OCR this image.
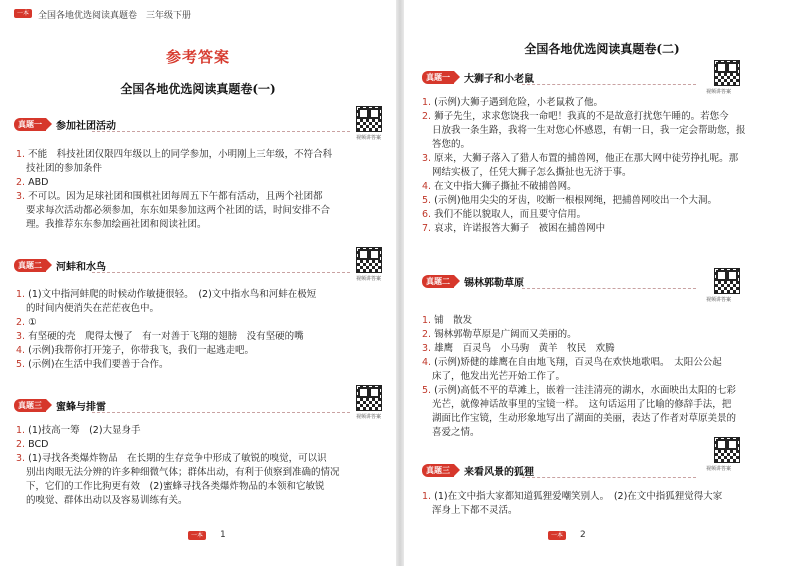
一本 全国各地优选阅读真题卷　三年级下册
参考答案
全国各地优选阅读真题卷(一)
真题一	参加社团活动
视频讲答案
1. 不能　科技社团仅限四年级以上的同学参加，小明刚上三年级，不符合科
技社团的参加条件
2. ABD
3. 不可以。因为足球社团和围棋社团每周五下午都有活动，且两个社团都
要求每次活动都必须参加，东东如果参加这两个社团的话，时间安排不合
理。我推荐东东参加绘画社团和阅读社团。
真题二	河蚌和水鸟
视频讲答案
1. (1)文中指河蚌爬的时候动作敏捷很轻。　(2)文中指水鸟和河蚌在极短
的时间内便消失在茫茫夜色中。
2. ①
3. 有坚硬的壳　爬得太慢了　有一对善于飞翔的翅膀　没有坚硬的嘴
4. (示例)我帮你打开笼子，你带我飞，我们一起逃走吧。
5. (示例)在生活中我们要善于合作。
真题三	蜜蜂与排雷
视频讲答案
1. (1)技高一筹　(2)大显身手
2. BCD
3. (1)寻找各类爆炸物品　在长期的生存竞争中形成了敏锐的嗅觉，可以识
别出肉眼无法分辨的许多种细微气体；群体出动，有利于侦察到准确的情况
下，它们的工作比狗更有效　(2)蜜蜂寻找各类爆炸物品的本领和它敏锐
的嗅觉、群体出动以及容易训练有关。
一本	1
全国各地优选阅读真题卷(二)
真题一	大狮子和小老鼠
视频讲答案
1. (示例)大狮子遇到危险，小老鼠救了他。
2. 狮子先生，求求您饶我一命吧！我真的不是故意打扰您午睡的。若您今
日放我一条生路，我将一生对您心怀感恩，有朝一日，我一定会帮助您，报
答您的。
3. 原来，大狮子落入了猎人布置的捕兽网，他正在那大网中徒劳挣扎呢。那
网结实极了，任凭大狮子怎么撕扯也无济于事。
4. 在文中指大狮子撕扯不破捕兽网。
5. (示例)他用尖尖的牙齿，咬断一根根网绳，把捕兽网咬出一个大洞。
6. 我们不能以貌取人，而且要守信用。
7. 哀求，许诺报答大狮子　被困在捕兽网中
真题二	锡林郭勒草原
视频讲答案
1. 铺　散发
2. 锡林郭勒草原是广阔而又美丽的。
3. 雄鹰　百灵鸟　小马驹　黄羊　牧民　欢腾
4. (示例)矫健的雄鹰在自由地飞翔，百灵鸟在欢快地歌唱。　太阳公公起
床了，他发出光芒开始工作了。
5. (示例)高低不平的草滩上，嵌着一洼洼清亮的湖水，水面映出太阳的七彩
光芒，就像神话故事里的宝镜一样。　这句话运用了比喻的修辞手法，把
湖面比作宝镜，生动形象地写出了湖面的美丽，表达了作者对草原美景的
喜爱之情。
真题三	来看风景的狐狸	视频讲答案
1. (1)在文中指大家都知道狐狸爱嘲笑别人。　(2)在文中指狐狸觉得大家
浑身上下都不灵活。
一本	2
